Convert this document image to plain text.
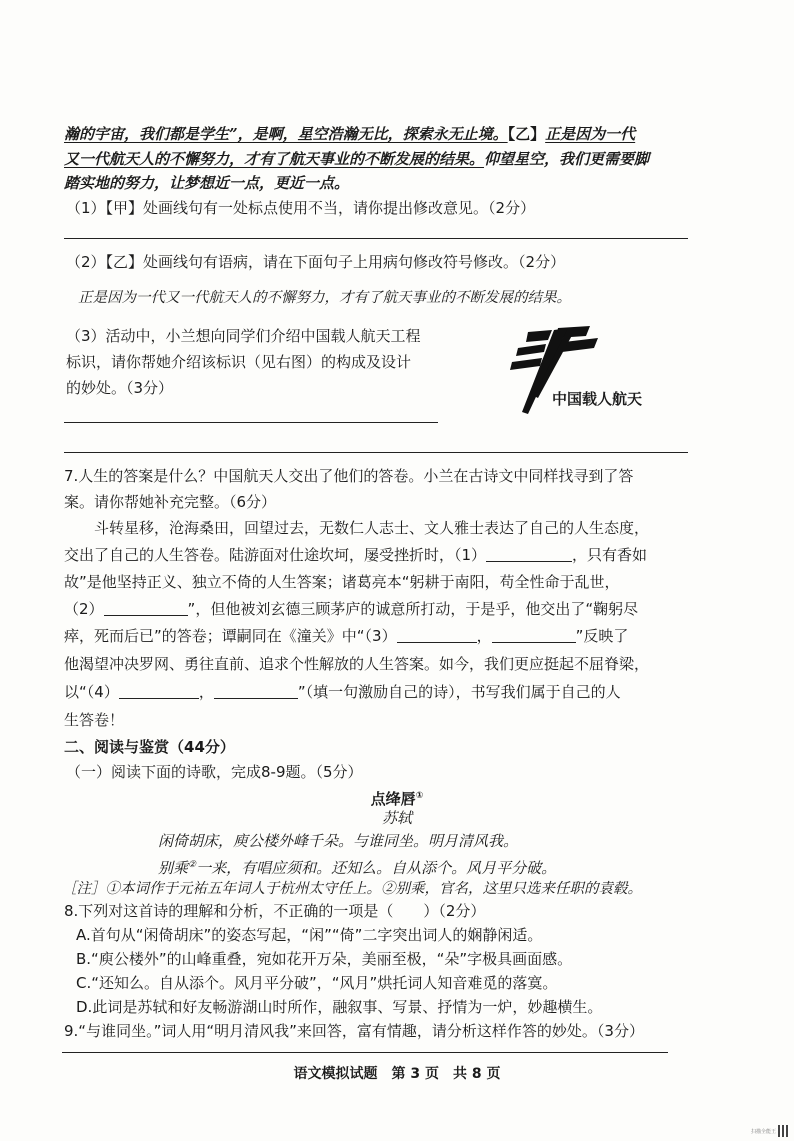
瀚的宇宙，我们都是学生”，是啊，星空浩瀚无比，探索永无止境。【乙】正是因为一代
又一代航天人的不懈努力，才有了航天事业的不断发展的结果。仰望星空，我们更需要脚
踏实地的努力，让梦想近一点，更近一点。
（1）【甲】处画线句有一处标点使用不当，请你提出修改意见。（2分）
（2）【乙】处画线句有语病，请在下面句子上用病句修改符号修改。（2分）
正是因为一代又一代航天人的不懈努力，才有了航天事业的不断发展的结果。
（3）活动中，小兰想向同学们介绍中国载人航天工程
标识，请你帮她介绍该标识（见右图）的构成及设计
的妙处。（3分）
中国载人航天
7.人生的答案是什么？中国航天人交出了他们的答卷。小兰在古诗文中同样找寻到了答
案。请你帮她补充完整。（6分）
斗转星移，沧海桑田，回望过去，无数仁人志士、文人雅士表达了自己的人生态度，
交出了自己的人生答卷。陆游面对仕途坎坷，屡受挫折时，（1）	，只有香如
故”是他坚持正义、独立不倚的人生答案；诸葛亮本“躬耕于南阳，苟全性命于乱世，
（2）	”，但他被刘玄德三顾茅庐的诚意所打动，于是乎，他交出了“鞠躬尽
瘁，死而后已”的答卷；谭嗣同在《潼关》中“（3）	，	”反映了
他渴望冲决罗网、勇往直前、追求个性解放的人生答案。如今，我们更应挺起不屈脊梁，
以“（4）	，	”（填一句激励自己的诗），书写我们属于自己的人
生答卷！
二、阅读与鉴赏（44分）
（一）阅读下面的诗歌，完成8-9题。（5分）
点绛唇①
苏轼
闲倚胡床，庾公楼外峰千朵。与谁同坐。明月清风我。
别乘②一来，有唱应须和。还知么。自从添个。风月平分破。
［注］①本词作于元祐五年词人于杭州太守任上。②别乘，官名，这里只选来任职的袁毂。
8.下列对这首诗的理解和分析，不正确的一项是（　　）（2分）
A.首句从“闲倚胡床”的姿态写起，“闲”“倚”二字突出词人的娴静闲适。
B.“庾公楼外”的山峰重叠，宛如花开万朵，美丽至极，“朵”字极具画面感。
C.“还知么。自从添个。风月平分破”，“风月”烘托词人知音难觅的落寞。
D.此词是苏轼和好友畅游湖山时所作，融叙事、写景、抒情为一炉，妙趣横生。
9.“与谁同坐。”词人用“明月清风我”来回答，富有情趣，请分析这样作答的妙处。（3分）
语文模拟试题　第 3 页　共 8 页
扫描全能王
